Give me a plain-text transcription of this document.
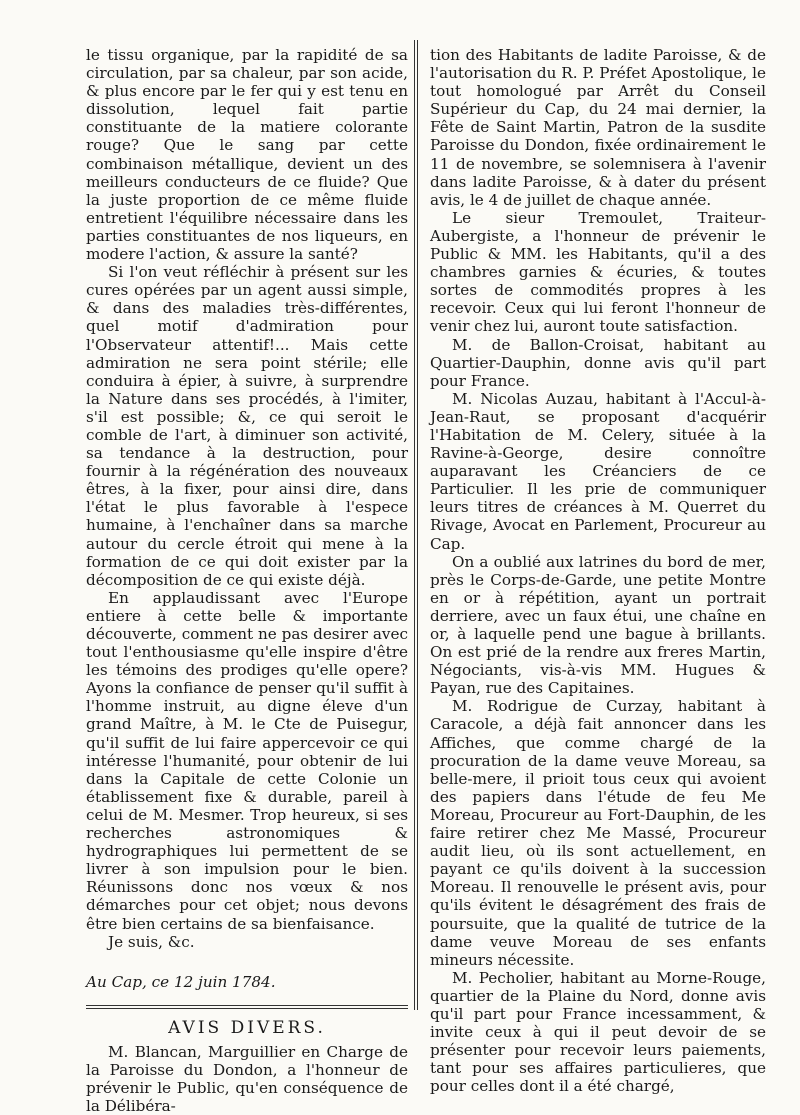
le tissu organique, par la rapidité de sa circulation, par sa chaleur, par son acide, & plus encore par le fer qui y est tenu en dissolution, lequel fait partie constituante de la matiere colorante rouge? Que le sang par cette combinaison métallique, devient un des meilleurs conducteurs de ce fluide? Que la juste proportion de ce même fluide entretient l'équilibre nécessaire dans les parties constituantes de nos liqueurs, en modere l'action, & assure la santé?

Si l'on veut réfléchir à présent sur les cures opérées par un agent aussi simple, & dans des maladies très-différentes, quel motif d'admiration pour l'Observateur attentif!... Mais cette admiration ne sera point stérile; elle conduira à épier, à suivre, à surprendre la Nature dans ses procédés, à l'imiter, s'il est possible; &, ce qui seroit le comble de l'art, à diminuer son activité, sa tendance à la destruction, pour fournir à la régénération des nouveaux êtres, à la fixer, pour ainsi dire, dans l'état le plus favorable à l'espece humaine, à l'enchaîner dans sa marche autour du cercle étroit qui mene à la formation de ce qui doit exister par la décomposition de ce qui existe déjà.

En applaudissant avec l'Europe entiere à cette belle & importante découverte, comment ne pas desirer avec tout l'enthousiasme qu'elle inspire d'être les témoins des prodiges qu'elle opere? Ayons la confiance de penser qu'il suffit à l'homme instruit, au digne éleve d'un grand Maître, à M. le Cte de Puisegur, qu'il suffit de lui faire appercevoir ce qui intéresse l'humanité, pour obtenir de lui dans la Capitale de cette Colonie un établissement fixe & durable, pareil à celui de M. Mesmer. Trop heureux, si ses recherches astronomiques & hydrographiques lui permettent de se livrer à son impulsion pour le bien. Réunissons donc nos vœux & nos démarches pour cet objet; nous devons être bien certains de sa bienfaisance.

Je suis, &c.

Au Cap, ce 12 juin 1784.

AVIS DIVERS.

M. Blancan, Marguillier en Charge de la Paroisse du Dondon, a l'honneur de prévenir le Public, qu'en conséquence de la Délibéra-

tion des Habitants de ladite Paroisse, & de l'autorisation du R. P. Préfet Apostolique, le tout homologué par Arrêt du Conseil Supérieur du Cap, du 24 mai dernier, la Fête de Saint Martin, Patron de la susdite Paroisse du Dondon, fixée ordinairement le 11 de novembre, se solemnisera à l'avenir dans ladite Paroisse, & à dater du présent avis, le 4 de juillet de chaque année.

Le sieur Tremoulet, Traiteur-Aubergiste, a l'honneur de prévenir le Public & MM. les Habitants, qu'il a des chambres garnies & écuries, & toutes sortes de commodités propres à les recevoir. Ceux qui lui feront l'honneur de venir chez lui, auront toute satisfaction.

M. de Ballon-Croisat, habitant au Quartier-Dauphin, donne avis qu'il part pour France.

M. Nicolas Auzau, habitant à l'Accul-à-Jean-Raut, se proposant d'acquérir l'Habitation de M. Celery, située à la Ravine-à-George, desire connoître auparavant les Créanciers de ce Particulier. Il les prie de communiquer leurs titres de créances à M. Querret du Rivage, Avocat en Parlement, Procureur au Cap.

On a oublié aux latrines du bord de mer, près le Corps-de-Garde, une petite Montre en or à répétition, ayant un portrait derriere, avec un faux étui, une chaîne en or, à laquelle pend une bague à brillants. On est prié de la rendre aux freres Martin, Négociants, vis-à-vis MM. Hugues & Payan, rue des Capitaines.

M. Rodrigue de Curzay, habitant à Caracole, a déjà fait annoncer dans les Affiches, que comme chargé de la procuration de la dame veuve Moreau, sa belle-mere, il prioit tous ceux qui avoient des papiers dans l'étude de feu Me Moreau, Procureur au Fort-Dauphin, de les faire retirer chez Me Massé, Procureur audit lieu, où ils sont actuellement, en payant ce qu'ils doivent à la succession Moreau. Il renouvelle le présent avis, pour qu'ils évitent le désagrément des frais de poursuite, que la qualité de tutrice de la dame veuve Moreau de ses enfants mineurs nécessite.

M. Pecholier, habitant au Morne-Rouge, quartier de la Plaine du Nord, donne avis qu'il part pour France incessamment, & invite ceux à qui il peut devoir de se présenter pour recevoir leurs paiements, tant pour ses affaires particulieres, que pour celles dont il a été chargé,
